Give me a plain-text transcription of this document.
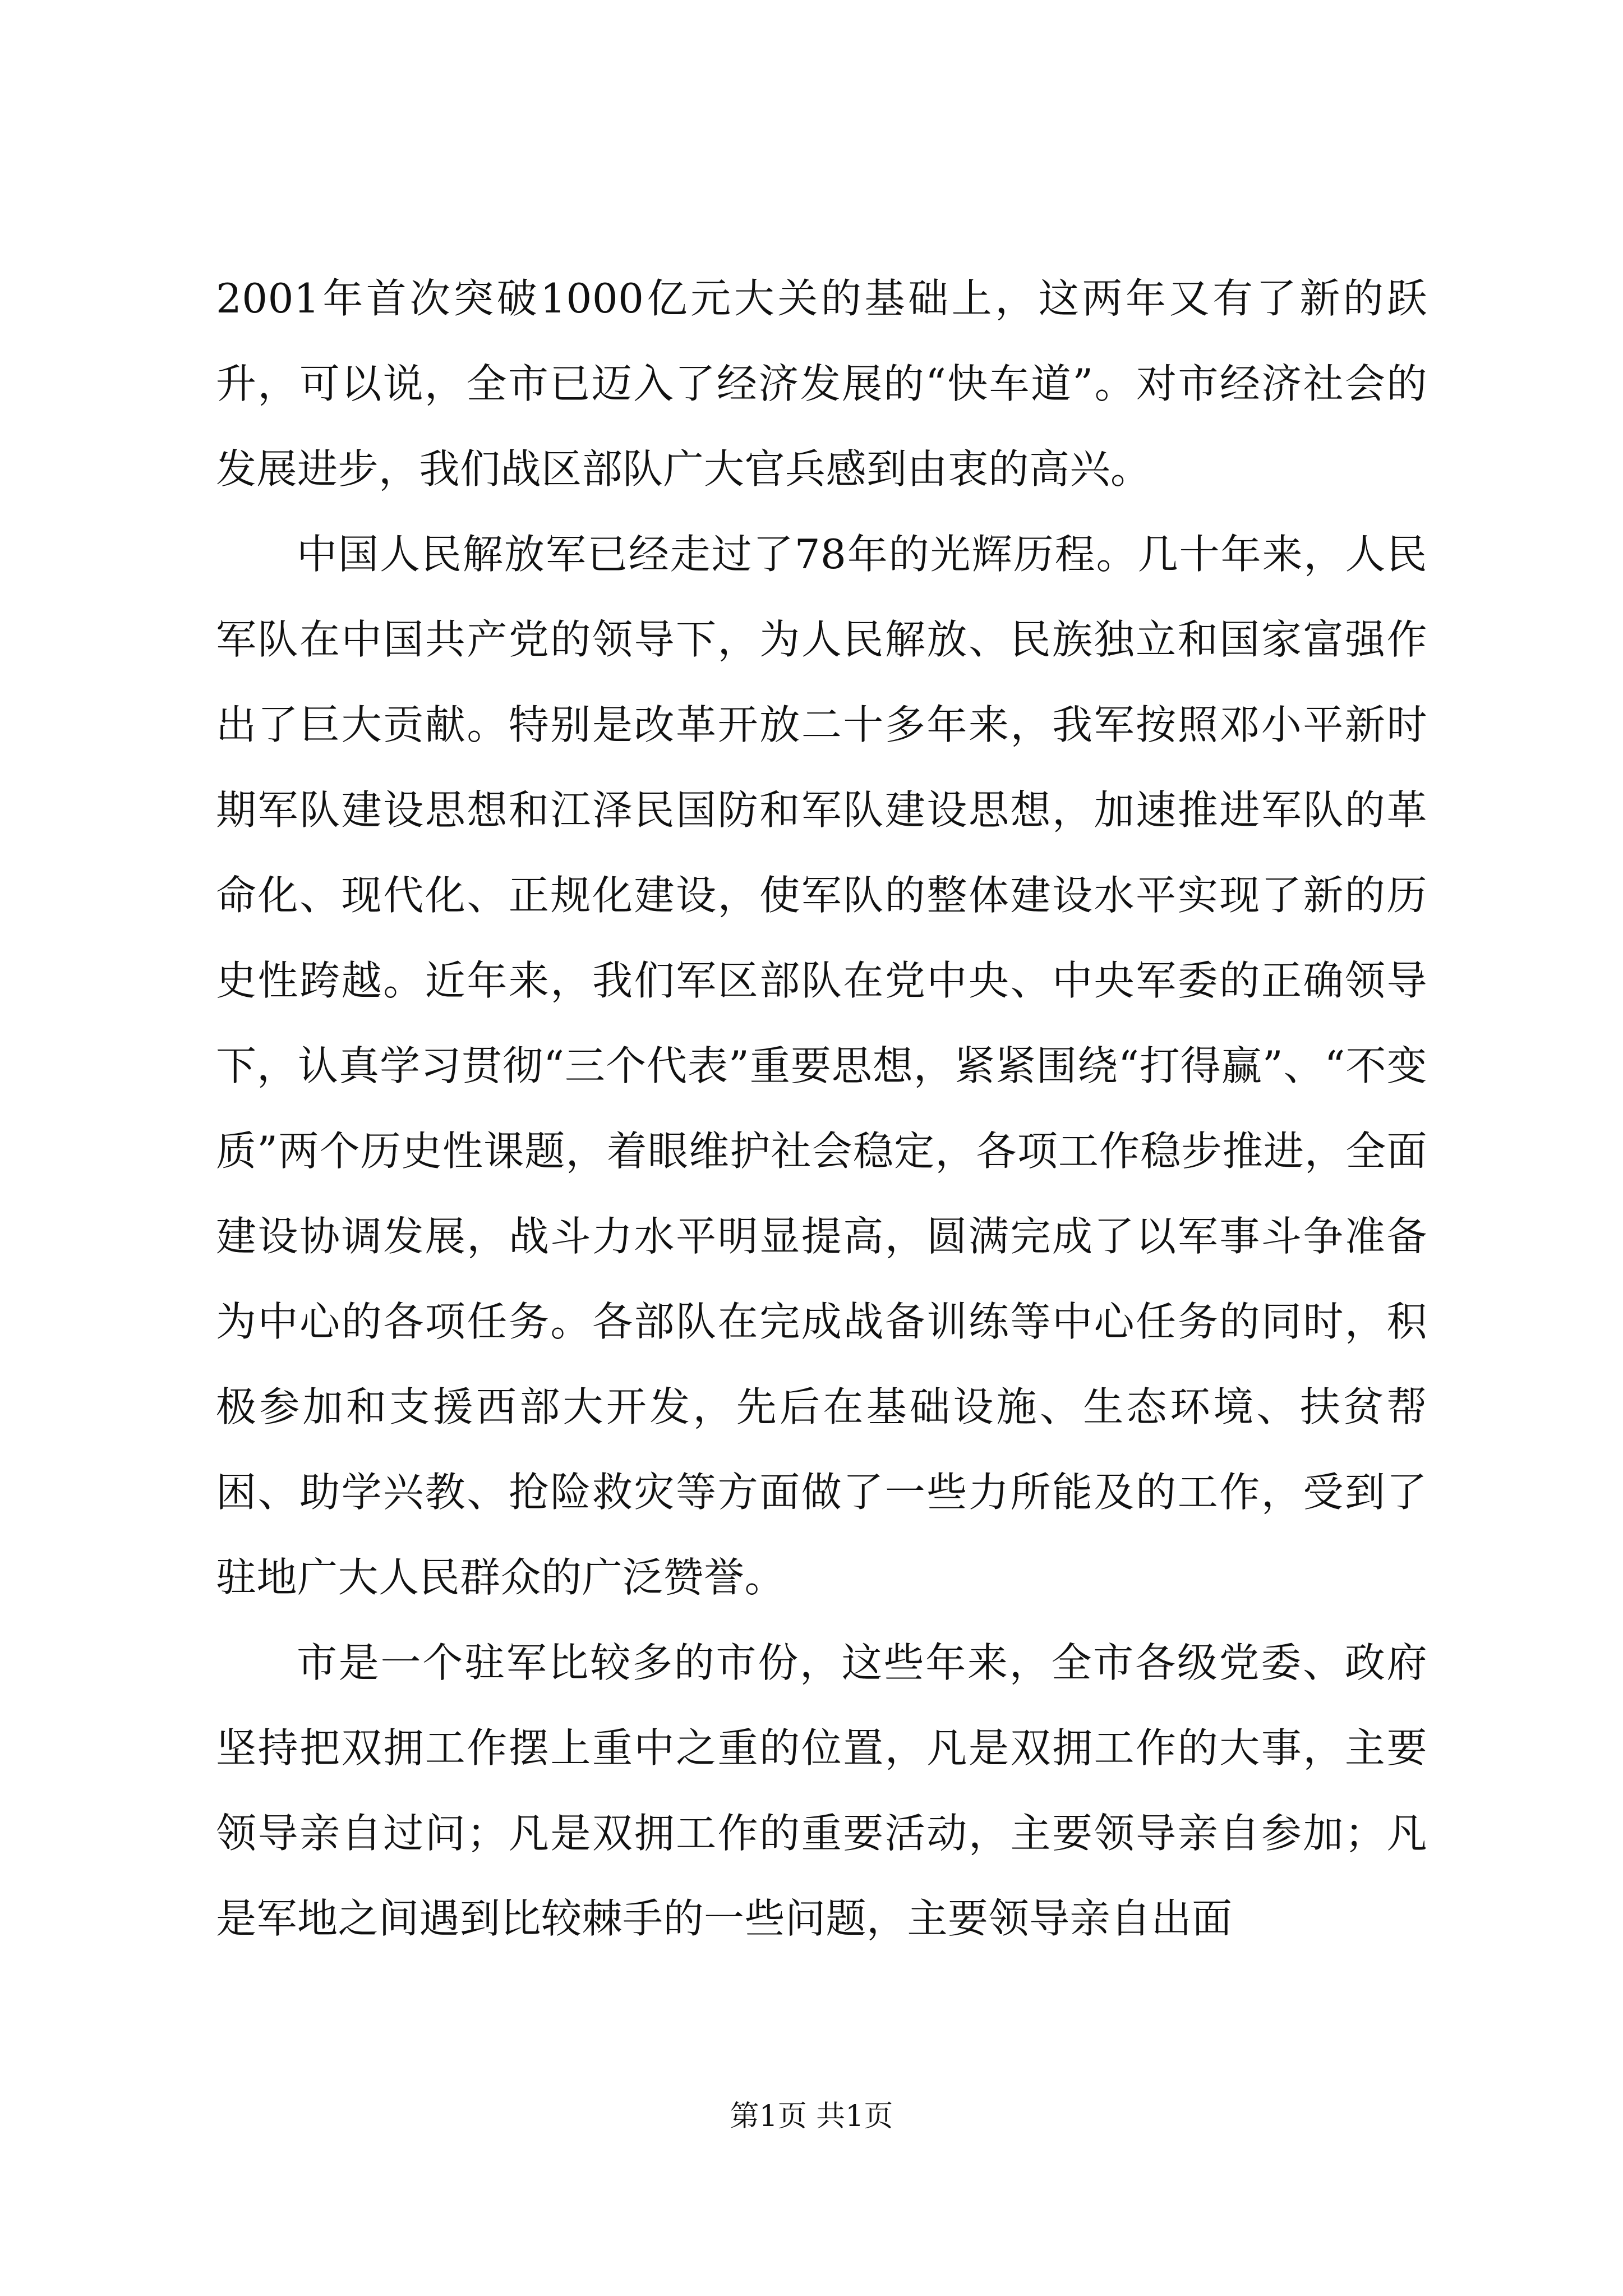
2001年首次突破1000亿元大关的基础上，这两年又有了新的跃升，可以说，全市已迈入了经济发展的“快车道”。对市经济社会的发展进步，我们战区部队广大官兵感到由衷的高兴。

中国人民解放军已经走过了78年的光辉历程。几十年来，人民军队在中国共产党的领导下，为人民解放、民族独立和国家富强作出了巨大贡献。特别是改革开放二十多年来，我军按照邓小平新时期军队建设思想和江泽民国防和军队建设思想，加速推进军队的革命化、现代化、正规化建设，使军队的整体建设水平实现了新的历史性跨越。近年来，我们军区部队在党中央、中央军委的正确领导下，认真学习贯彻“三个代表”重要思想，紧紧围绕“打得赢”、“不变质”两个历史性课题，着眼维护社会稳定，各项工作稳步推进，全面建设协调发展，战斗力水平明显提高，圆满完成了以军事斗争准备为中心的各项任务。各部队在完成战备训练等中心任务的同时，积极参加和支援西部大开发，先后在基础设施、生态环境、扶贫帮困、助学兴教、抢险救灾等方面做了一些力所能及的工作，受到了驻地广大人民群众的广泛赞誉。

市是一个驻军比较多的市份，这些年来，全市各级党委、政府坚持把双拥工作摆上重中之重的位置，凡是双拥工作的大事，主要领导亲自过问；凡是双拥工作的重要活动，主要领导亲自参加；凡是军地之间遇到比较棘手的一些问题，主要领导亲自出面

第1页 共1页
